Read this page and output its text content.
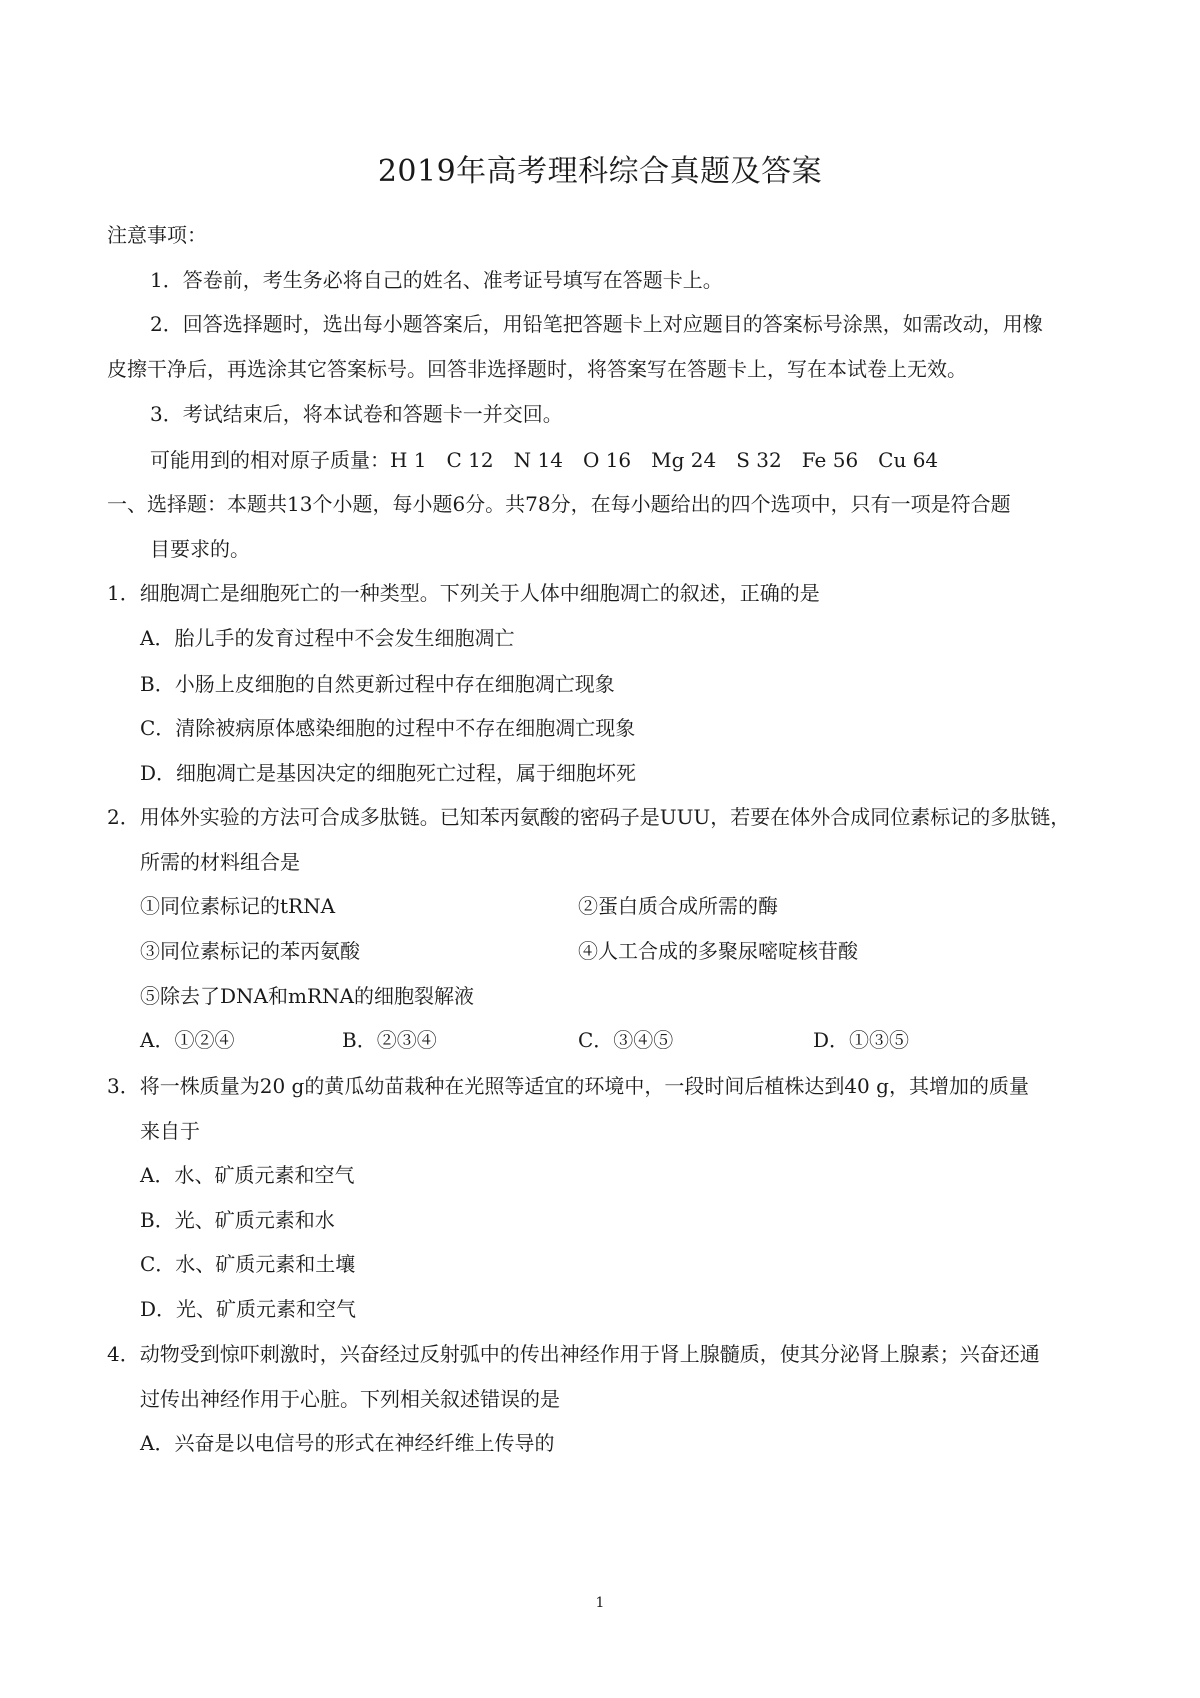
2019年高考理科综合真题及答案
注意事项：
1．答卷前，考生务必将自己的姓名、准考证号填写在答题卡上。
2．回答选择题时，选出每小题答案后，用铅笔把答题卡上对应题目的答案标号涂黑，如需改动，用橡
皮擦干净后，再选涂其它答案标号。回答非选择题时，将答案写在答题卡上，写在本试卷上无效。
3．考试结束后，将本试卷和答题卡一并交回。
可能用到的相对原子质量：H 1　C 12　N 14　O 16　Mg 24　S 32　Fe 56　Cu 64
一、选择题：本题共13个小题，每小题6分。共78分，在每小题给出的四个选项中，只有一项是符合题
目要求的。
1．细胞凋亡是细胞死亡的一种类型。下列关于人体中细胞凋亡的叙述，正确的是
A．胎儿手的发育过程中不会发生细胞凋亡
B．小肠上皮细胞的自然更新过程中存在细胞凋亡现象
C．清除被病原体感染细胞的过程中不存在细胞凋亡现象
D．细胞凋亡是基因决定的细胞死亡过程，属于细胞坏死
2．用体外实验的方法可合成多肽链。已知苯丙氨酸的密码子是UUU，若要在体外合成同位素标记的多肽链，
所需的材料组合是
①同位素标记的tRNA	②蛋白质合成所需的酶
③同位素标记的苯丙氨酸	④人工合成的多聚尿嘧啶核苷酸
⑤除去了DNA和mRNA的细胞裂解液
A．①②④	B．②③④	C．③④⑤	D．①③⑤
3．将一株质量为20 g的黄瓜幼苗栽种在光照等适宜的环境中，一段时间后植株达到40 g，其增加的质量
来自于
A．水、矿质元素和空气
B．光、矿质元素和水
C．水、矿质元素和土壤
D．光、矿质元素和空气
4．动物受到惊吓刺激时，兴奋经过反射弧中的传出神经作用于肾上腺髓质，使其分泌肾上腺素；兴奋还通
过传出神经作用于心脏。下列相关叙述错误的是
A．兴奋是以电信号的形式在神经纤维上传导的
1
